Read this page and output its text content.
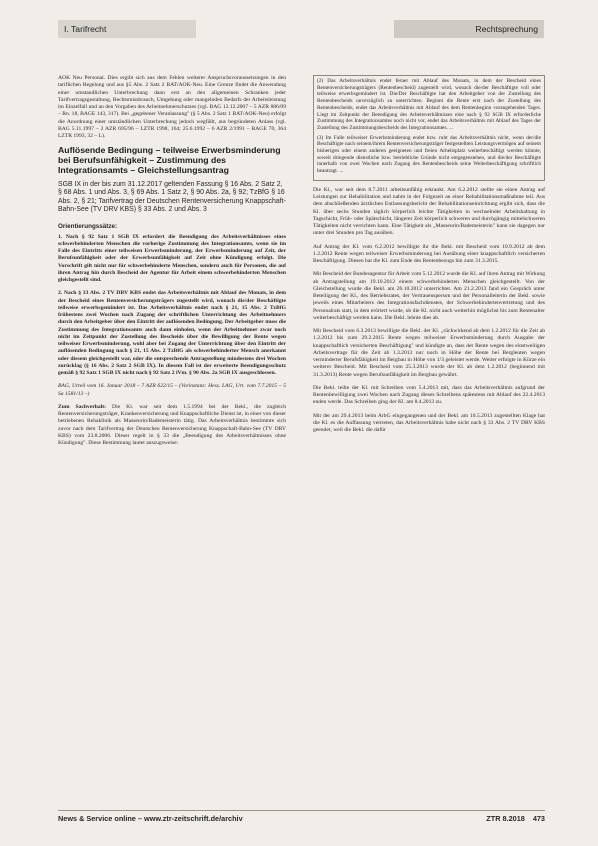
I. Tarifrecht	Rechtsprechung

AÖK Neu Personal. Dies ergibt sich aus dem Fehlen weiterer Anspruchsvoraussetzungen in den tariflichen Regelung und aus §5 Abs. 2 Satz 2 BAT/AOK-Neu. Eine Grenze findet die Anwendung einer umstandlichen Unterbrechung dann erst an den allgemeinen Schranken jeder Tarifvertragsgestaltung, Rechtsmissbrauch, Umgehung oder mangelnden Bedarfs der Arbeitsleistung im Einzelfall und an den Vorgaben des Arbeitnehmerschutzes (vgl. BAG 12.12.2007 – 5 AZR 886/09 – Rn. 18, BAGE 143, 317). Bei „gegebener Veranlassung" (§ 5 Abs. 2 Satz 1 BAT/AOK-Neu) erfolgt die Anordnung einer umständlichen Unterbrechung jedoch wegfällt, aus begründeten Anlass (vgl. BAG 5.11.1997 – 2 AZR 695/96 – LZTR 1998, 164; 25.6.1992 – 6 AZR 2/1991 – BAGE 70, 364 LZTR 1993, 32 – L).

Auflösende Bedingung – teilweise Erwerbsminderung bei Berufsunfähigkeit – Zustimmung des Integrationsamts – Gleichstellungsantrag
SGB IX in der bis zum 31.12.2017 geltenden Fassung § 16 Abs. 2 Satz 2, § 68 Abs. 1 und Abs. 3, § 69 Abs. 1 Satz 2, § 90 Abs. 2a, § 92; TzBfG § 16 Abs. 2, § 21; Tarifvertrag der Deutschen Rentenversicherung Knappschaft-Bahn-See (TV DRV KBS) § 33 Abs. 2 und Abs. 3
Orientierungssätze:

1. Nach § 92 Satz 1 SGB IX erfordert die Beendigung des Arbeitsverhältnisses eines schwerbehinderten Menschen die vorherige Zustimmung des Integrationsamts, wenn sie im Falle des Eintritts einer teilweisen Erwerbsminderung, der Erwerbsminderung auf Zeit, der Berufsunfähigkeit oder der Erwerbsunfähigkeit auf Zeit ohne Kündigung erfolgt. Die Vorschrift gilt nicht nur für schwerbehinderte Menschen, sondern auch für Personen, die auf ihren Antrag hin durch Bescheid der Agentur für Arbeit einem schwerbehinderten Menschen gleichgestellt sind.

2. Nach § 33 Abs. 2 TV DRV KBS endet das Arbeitsverhältnis mit Ablauf des Monats, in dem der Bescheid eines Rentenversicherungsträgers zugestellt wird, wonach die/der Beschäftigte teilweise erwerbsgemindert ist. Das Arbeitsverhältnis endet nach § 21, 15 Abs. 2 TzBfG frühestens zwei Wochen nach Zugang der schriftlichen Unterrichtung des Arbeitnehmers durch den Arbeitgeber über den Eintritt der auflösenden Bedingung. Der Arbeitgeber muss die Zustimmung des Integrationsamts auch dann einholen, wenn der Arbeitnehmer zwar noch nicht im Zeitpunkt der Zustellung des Bescheids über die Bewilligung der Rente wegen teilweiser Erwerbsminderung, wohl aber bei Zugang der Unterrichtung über den Eintritt der auflösenden Bedingung nach § 21, 15 Abs. 2 TzBfG als schwerbehinderter Mensch anerkannt oder diesem gleichgestellt war, oder die entsprechende Antragstellung mindestens drei Wochen zurücklag (§ 16 Abs. 2 Satz 2 SGB IX). In diesem Fall ist der erweiterte Beendigungsschutz gemäß § 92 Satz 1 SGB IX nicht nach § 92 Satz 2 iVm. § 90 Abs. 2a SGB IX ausgeschlossen.

BAG, Urteil vom 16. Januar 2018 – 7 AZR 622/15 – (Vorinstanz: Hess. LAG, Urt. vom 7.7.2015 – 5 Sa 1581/13 –)

Zum Sachverhalt: Die Kl. war seit dem 1.5.1994 bei der Bekl., die zugleich Rentenversicherungsträger, Krankenversicherung und Knappschaftliche Dienst ist, in einer von dieser betriebenen Rehaklinik als Masseurin/Bademeisterin tätig. Das Arbeitsverhältnis bestimmte sich zuvor nach dem Tarifvertrag der Deutschen Rentenversicherung Knappschaft-Bahn-See (TV DRV KBS) vom 23.8.2006. Dieser regelt in § 33 die „Beendigung des Arbeitsverhältnisses ohne Kündigung". Diese Bestimmung lautet auszugsweise:

(2) Das Arbeitsverhältnis endet ferner mit Ablauf des Monats, in dem der Bescheid eines Rentenversicherungsträgers (Rentenbescheid) zugestellt wird, wonach die/der Beschäftigte voll oder teilweise erwerbsgemindert ist. Die/Der Beschäftigte hat den Arbeitgeber von der Zustellung des Rentenbescheids unverzüglich zu unterrichten. Beginnt die Rente erst nach der Zustellung des Rentenbescheids, endet das Arbeitsverhältnis mit Ablauf des dem Rentenbeginn vorangehenden Tages. Liegt im Zeitpunkt der Beendigung des Arbeitsverhältnisses eine nach § 92 SGB IX erforderliche Zustimmung des Integrationsamtes noch nicht vor, endet das Arbeitsverhältnis mit Ablauf des Tages der Zustellung des Zustimmungsbescheids des Integrationsamtes. ...

(3) Im Falle teilweiser Erwerbsminderung endet bzw. ruht das Arbeitsverhältnis nicht, wenn der/die Beschäftigte nach seinem/ihrem Rentenversicherungsträger festgestellten Leistungsvermögen auf seinem bisherigen oder einem anderen geeigneten und freien Arbeitsplatz weiterbeschäftigt werden könnte, soweit dringende dienstliche bzw. betriebliche Gründe nicht entgegenstehen, und die/der Beschäftigte innerhalb von zwei Wochen nach Zugang des Rentenbescheids seine Weiterbeschäftigung schriftlich beantragt. ...

Die Kl., war seit dem 8.7.2011 arbeitsunfähig erkrankt. Am 6.2.2012 stellte sie einen Antrag auf Leistungen zur Rehabilitation und nahm in der Folgezeit an einer Rehabilitationsmaßnahme teil. Aus dem abschließenden ärztlichen Entlassungsbericht der Rehabilitationseinrichtung ergibt sich, dass die Kl. über sechs Stunden täglich körperlich leichte Tätigkeiten in wechselnder Arbeitshaltung in Tagschicht, Früh- oder Spätschicht, längerer Zeit körperlich schweren und durchgängig mittelschweren Tätigkeiten nicht verrichten kann. Eine Tätigkeit als „Masseurin/Bademeisterin" kann sie dagegen nur unter drei Stunden pro Tag ausüben.

Auf Antrag der Kl. vom 6.2.2012 bewilligte ihr die Bekl. mit Bescheid vom 10.9.2012 ab dem 1.2.2012 Rente wegen teilweiser Erwerbsminderung bei Ausübung einer knappschaftlich versicherten Beschäftigung. Diesen hat die Kl. zum Ende des Rentenbezugs hin zum 31.3.2015.

Mit Bescheid der Bundesagentur für Arbeit vom 5.12.2012 wurde die Kl. auf ihren Antrag mit Wirkung ab Antragstellung am 19.10.2012 einem schwerbehinderten Menschen gleichgestellt. Von der Gleichstellung wurde die Bekl. am 26.10.2012 unterrichtet. Am 21.2.2013 fand ein Gespräch unter Beteiligung der Kl., des Betriebsrates, der Vertrauensperson und der Personalleiterin der Bekl. sowie jeweils eines Mitarbeiters des Integrationsfachdienstes, der Schwerbehindertenvertretung und des Personalrats statt, in dem erörtert wurde, ob die Kl. nicht auch weiterhin möglichst bis zum Rentenalter weiterbeschäftigt werden kann. Die Bekl. lehnte dies ab.

Mit Bescheid vom 6.3.2013 bewilligte die Bekl. der Kl. „rückwirkend ab dem 1.2.2012 für die Zeit ab 1.2.2012 bis zum 29.2.2015 Rente wegen teilweiser Erwerbsminderung durch Ausgabe der knappschaftlich versicherten Beschäftigung" und kündigte an, dass der Rente wegen des einstweiligen Arbeitsvertrags für die Zeit ab 1.3.2013 nur noch in Höhe der Rente bei Bergleuten wegen verminderter Berufsfähigkeit im Bergbau in Höhe von 1/3 geleistet werde. Weiter erfolgte in Kürze ein weiterer Bescheid. Mit Bescheid vom 25.3.2013 wurde der Kl. ab dem 1.2.2012 (beginnend mit 31.3.2013) Rente wegen Berufsunfähigkeit im Bergbau gewährt.

Die Bekl. teilte der Kl. mit Schreiben vom 5.4.2013 mit, dass das Arbeitsverhältnis aufgrund der Rentenbewilligung zwei Wochen nach Zugang dieses Schreibens spätestens mit Ablauf des 22.4.2013 enden werde. Das Schreiben ging der Kl. am 8.4.2013 zu.

Mit der am 29.4.2013 beim ArbG eingegangenen und der Bekl. am 10.5.2013 zugestellten Klage hat die Kl. es die Auffassung vertreten, das Arbeitsverhältnis habe nicht nach § 33 Abs. 2 TV DRV KBS geendet, weil die Bekl. die dafür

News & Service online – www.ztr-zeitschrift.de/archiv	ZTR 8.2018 473
